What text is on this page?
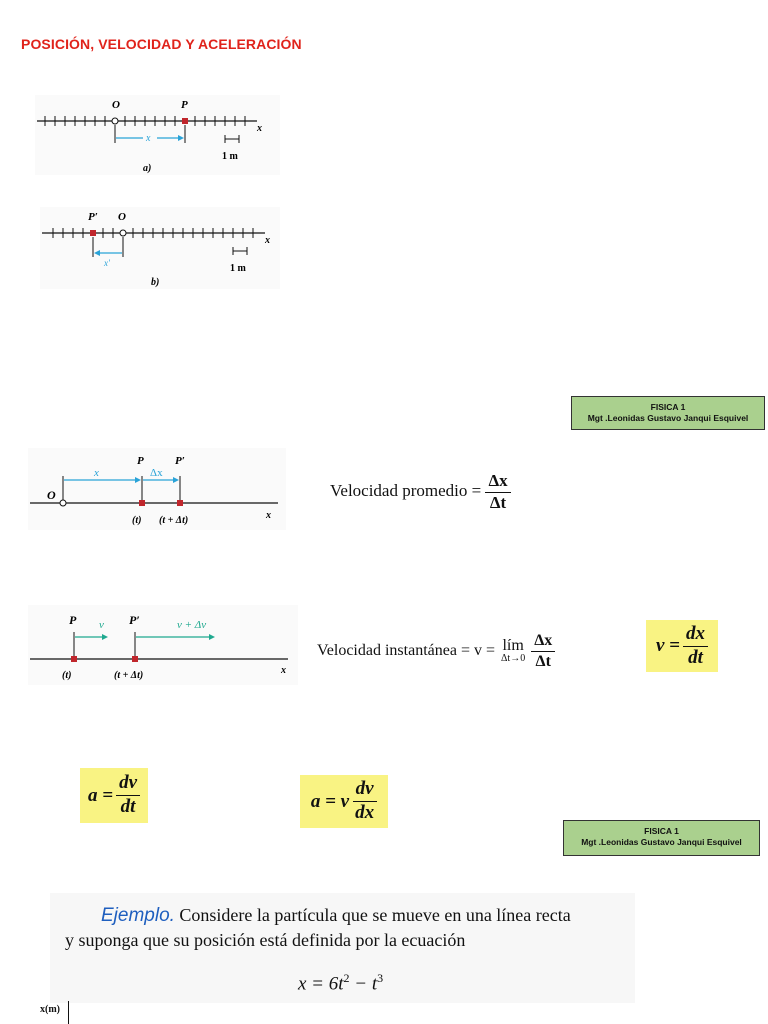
POSICIÓN, VELOCIDAD Y ACELERACIÓN
O	P
x
x
1 m
a)
P′ O
x′
x
1 m
b)
FISICA 1
Mgt .Leonidas Gustavo Janqui Esquivel
O
x	Δx
P	P′
(t) (t + Δt)	x
Velocidad promedio = $\frac{\Delta x}{\Delta t}$
P v P′	v + Δv
(t)	(t + Δt)	x
Velocidad instantánea = v = lím
$\Delta t\to 0 \frac{\Delta x}{\Delta t}$	$v = \frac{dx}{dt}$
$a = \frac{dv}{dt}$	a = v $\frac{dv}{dx}$
FISICA 1
Mgt .Leonidas Gustavo Janqui Esquivel
Ejemplo. Considere la partícula que se mueve en una línea recta
y suponga que su posición está definida por la ecuación
$x = 6t^2 - t^3$
x(m)
